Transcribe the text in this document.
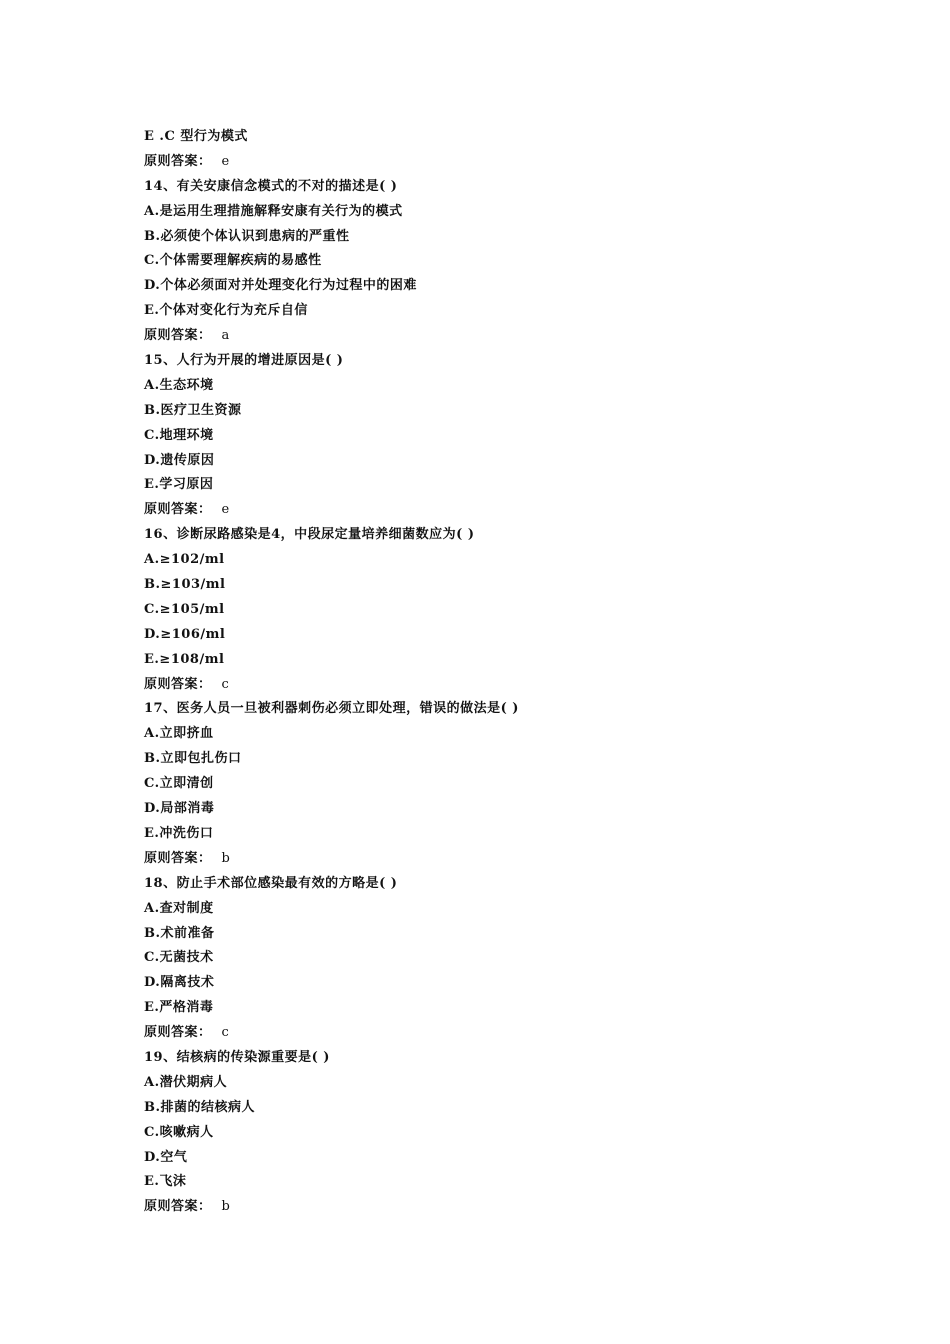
E .C 型行为模式
原则答案： e
14、有关安康信念模式的不对的描述是( )
A.是运用生理措施解释安康有关行为的模式
B.必须使个体认识到患病的严重性
C.个体需要理解疾病的易感性
D.个体必须面对并处理变化行为过程中的困难
E.个体对变化行为充斥自信
原则答案： a
15、人行为开展的增进原因是( )
A.生态环境
B.医疗卫生资源
C.地理环境
D.遗传原因
E.学习原因
原则答案： e
16、诊断尿路感染是4，中段尿定量培养细菌数应为( )
A.≥102/ml
B.≥103/ml
C.≥105/ml
D.≥106/ml
E.≥108/ml
原则答案： c
17、医务人员一旦被利器刺伤必须立即处理，错误的做法是( )
A.立即挤血
B.立即包扎伤口
C.立即清创
D.局部消毒
E.冲洗伤口
原则答案： b
18、防止手术部位感染最有效的方略是( )
A.查对制度
B.术前准备
C.无菌技术
D.隔离技术
E.严格消毒
原则答案： c
19、结核病的传染源重要是( )
A.潜伏期病人
B.排菌的结核病人
C.咳嗽病人
D.空气
E.飞沫
原则答案： b
